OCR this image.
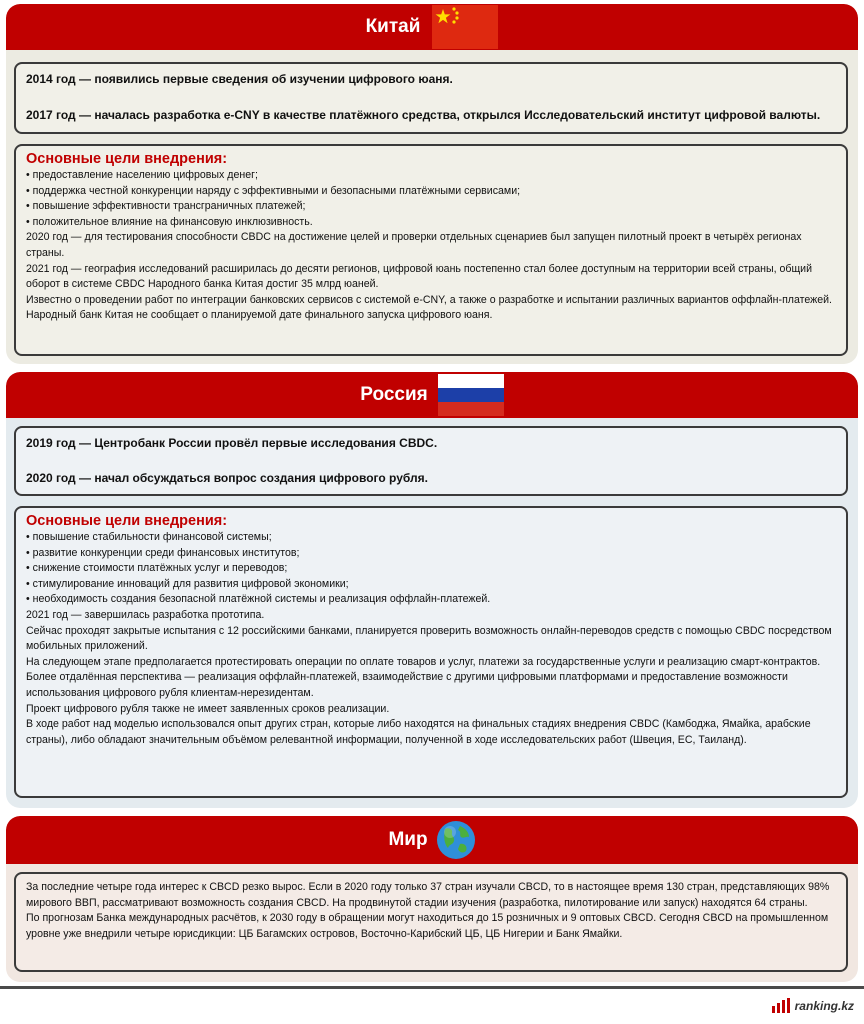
Китай
2014 год — появились первые сведения об изучении цифрового юаня.
2017 год — началась разработка e-CNY в качестве платёжного средства, открылся Исследовательский институт цифровой валюты.
Основные цели внедрения:
• предоставление населению цифровых денег;
• поддержка честной конкуренции наряду с эффективными и безопасными платёжными сервисами;
• повышение эффективности трансграничных платежей;
• положительное влияние на финансовую инклюзивность.
2020 год — для тестирования способности CBDC на достижение целей и проверки отдельных сценариев был запущен пилотный проект в четырёх регионах страны.
2021 год — география исследований расширилась до десяти регионов, цифровой юань постепенно стал более доступным на территории всей страны, общий оборот в системе CBDC Народного банка Китая достиг 35 млрд юаней.
Известно о проведении работ по интеграции банковских сервисов с системой e-CNY, а также о разработке и испытании различных вариантов оффлайн-платежей.
Народный банк Китая не сообщает о планируемой дате финального запуска цифрового юаня.
Россия
2019 год — Центробанк России провёл первые исследования CBDC.
2020 год — начал обсуждаться вопрос создания цифрового рубля.
Основные цели внедрения:
• повышение стабильности финансовой системы;
• развитие конкуренции среди финансовых институтов;
• снижение стоимости платёжных услуг и переводов;
• стимулирование инноваций для развития цифровой экономики;
• необходимость создания безопасной платёжной системы и реализация оффлайн-платежей.
2021 год — завершилась разработка прототипа.
Сейчас проходят закрытые испытания с 12 российскими банками, планируется проверить возможность онлайн-переводов средств с помощью CBDC посредством мобильных приложений.
На следующем этапе предполагается протестировать операции по оплате товаров и услуг, платежи за государственные услуги и реализацию смарт-контрактов.
Более отдалённая перспектива — реализация оффлайн-платежей, взаимодействие с другими цифровыми платформами и предоставление возможности использования цифрового рубля клиентам-нерезидентам.
Проект цифрового рубля также не имеет заявленных сроков реализации.
В ходе работ над моделью использовался опыт других стран, которые либо находятся на финальных стадиях внедрения CBDC (Камбоджа, Ямайка, арабские страны), либо обладают значительным объёмом релевантной информации, полученной в ходе исследовательских работ (Швеция, ЕС, Таиланд).
Мир
За последние четыре года интерес к CBCD резко вырос. Если в 2020 году только 37 стран изучали CBCD, то в настоящее время 130 стран, представляющих 98% мирового ВВП, рассматривают возможность создания CBCD. На продвинутой стадии изучения (разработка, пилотирование или запуск) находятся 64 страны.
По прогнозам Банка международных расчётов, к 2030 году в обращении могут находиться до 15 розничных и 9 оптовых CBCD. Сегодня CBCD на промышленном уровне уже внедрили четыре юрисдикции: ЦБ Багамских островов, Восточно-Карибский ЦБ, ЦБ Нигерии и Банк Ямайки.
ranking.kz
